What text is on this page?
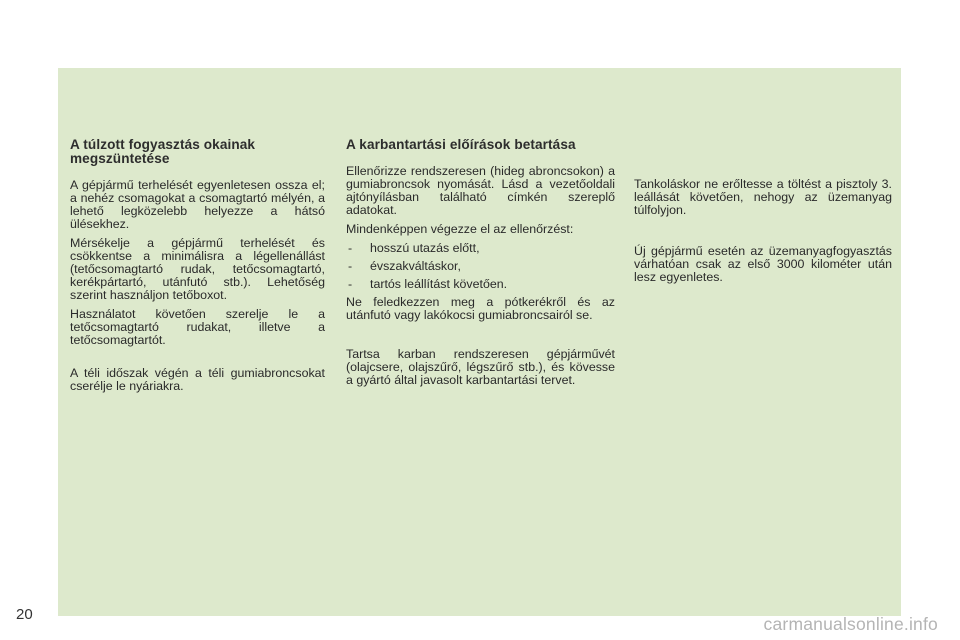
A túlzott fogyasztás okainak megszüntetése

A gépjármű terhelését egyenletesen ossza el; a nehéz csomagokat a csomagtartó mélyén, a lehető legközelebb helyezze a hátsó ülésekhez.

Mérsékelje a gépjármű terhelését és csökkentse a minimálisra a légellenállást (tetőcsomagtartó rudak, tetőcsomagtartó, kerékpártartó, utánfutó stb.). Lehetőség szerint használjon tetőboxot.

Használatot követően szerelje le a tetőcsomagtartó rudakat, illetve a tetőcsomagtartót.

A téli időszak végén a téli gumiabroncsokat cserélje le nyáriakra.

A karbantartási előírások betartása

Ellenőrizze rendszeresen (hideg abroncsokon) a gumiabroncsok nyomását. Lásd a vezetőoldali ajtónyílásban található címkén szereplő adatokat.

Mindenképpen végezze el az ellenőrzést:

- hosszú utazás előtt,
- évszakváltáskor,
- tartós leállítást követően.

Ne feledkezzen meg a pótkerékről és az utánfutó vagy lakókocsi gumiabroncsairól se.

Tartsa karban rendszeresen gépjárművét (olajcsere, olajszűrő, légszűrő stb.), és kövesse a gyártó által javasolt karbantartási tervet.

Tankoláskor ne erőltesse a töltést a pisztoly 3. leállását követően, nehogy az üzemanyag túlfolyjon.

Új gépjármű esetén az üzemanyagfogyasztás várhatóan csak az első 3000 kilométer után lesz egyenletes.

20	carmanualsonline.info
